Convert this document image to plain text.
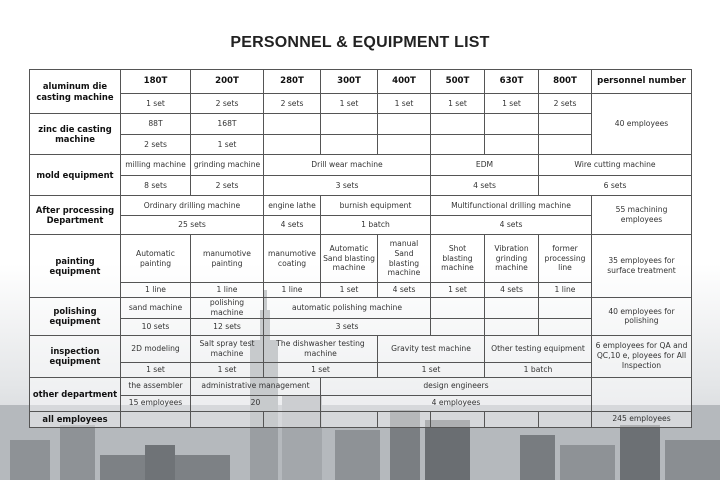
PERSONNEL & EQUIPMENT LIST
aluminum die casting machine	180T	200T	280T	300T	400T	500T	630T	800T	personnel number	
	1 set	2 sets	2 sets	1 set	1 set	1 set	1 set	2 sets	40 employees	
zinc die casting machine	88T	168T								
	2 sets	1 set								
mold equipment	milling machine	grinding machine	Drill wear machine			EDM		Wire cutting machine	
	8 sets	2 sets	3 sets			4 sets		6 sets		
After processing Department	Ordinary drilling machine		engine lathe	burnish equipment		Multifunctional drilling machine			55 machining employees	
	25 sets		4 sets	1 batch		4 sets				
painting equipment	Automatic painting	manumotive painting	manumotive coating	Automatic Sand blasting machine	manual Sand blasting machine	Shot blasting machine	Vibration grinding machine	former processing line	35 employees for surface treatment	
	1 line	1 line	1 line	1 set	4 sets	1 set	4 sets	1 line		
polishing equipment	sand machine	polishing machine	automatic polishing machine						40 employees for polishing	
	10 sets	12 sets	3 sets							
inspection equipment	2D modeling	Salt spray test machine	The dishwasher testing machine		Gravity test machine		Other testing equipment		6 employees for QA and QC,10 e, ployees for All Inspection	
	1 set	1 set	1 set		1 set		1 batch			
other department	the assembler	administrative management		design engineers						
	15 employees	20		4 employees						
all employees									245 employees	
